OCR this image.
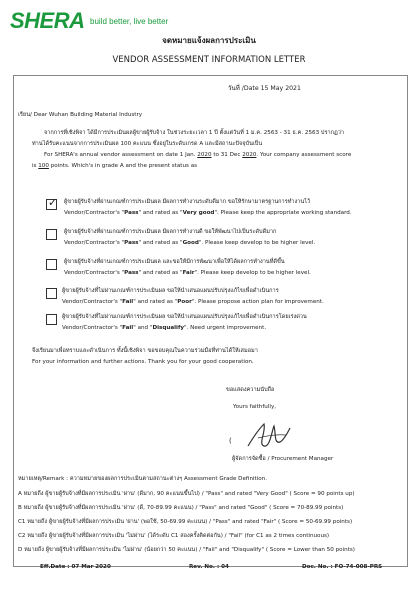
SHERA build better, live better
จดหมายแจ้งผลการประเมิน
VENDOR ASSESSMENT INFORMATION LETTER
วันที่ /Date 15 May 2021
เรียน/ Dear Wuhan Building Material Industry
จากการที่เชิงพิจา ได้มีการประเมินผลผู้ขายผู้รับจ้าง ในช่วงระยะเวลา 1 ปี ตั้งแต่วันที่ 1 ม.ค. 2563 - 31 ธ.ค. 2563 ปรากฏว่า
ท่านได้รับคะแนนจากการประเมินผล 100 คะแนน ซึ่งอยู่ในระดับเกรด A และมีสถานะปัจจุบันเป็น
For SHERA's annual vendor assessment on date 1 Jan. 2020 to 31 Dec 2020. Your company assessment score
is 100 points. Which's in grade A and the present status as
✓ ผู้ขายผู้รับจ้างที่ผ่านเกณฑ์การประเมินผล มีผลการทำงานระดับดีมาก ขอให้รักษามาตรฐานการทำงานไว้
Vendor/Contractor's "Pass" and rated as "Very good". Please keep the appropriate working standard.
ผู้ขายผู้รับจ้างที่ผ่านเกณฑ์การประเมินผล มีผลการทำงานดี ขอให้พัฒนาไปเป็นระดับดีมาก
Vendor/Contractor's "Pass" and rated as "Good". Please keep develop to be higher level.
ผู้ขายผู้รับจ้างที่ผ่านเกณฑ์การประเมินผล และขอให้มีการพัฒนาเพื่อให้ได้ผลการทำงานที่ดีขึ้น
Vendor/Contractor's "Pass" and rated as "Fair". Please keep develop to be higher level.
ผู้ขายผู้รับจ้างที่ไม่ผ่านเกณฑ์การประเมินผล ขอให้นำเสนอแผนปรับปรุงแก้ไขเพื่อดำเนินการ
Vendor/Contractor's "Fail" and rated as "Poor". Please propose action plan for improvement.
ผู้ขายผู้รับจ้างที่ไม่ผ่านเกณฑ์การประเมินผล ขอให้นำเสนอแผนปรับปรุงแก้ไขเพื่อดำเนินการโดยเร่งด่วน
Vendor/Contractor's "Fail" and "Disqualify". Need urgent improvement.
จึงเรียนมาเพื่อทราบและดำเนินการ ทั้งนี้เชิงพิจา ขอขอบคุณในความร่วมมือที่ท่านได้ให้เสมอมา
For your information and further actions. Thank you for your good cooperation.
ขอแสดงความนับถือ
Yours faithfully,
(
ผู้จัดการจัดซื้อ / Procurement Manager
หมายเหตุ/Remark : ความหมายของผลการประเมินตามสถานะต่างๆ Assessment Grade Definition.
A หมายถึง ผู้ขายผู้รับจ้างที่มีผลการประเมิน 'ผ่าน' (ดีมาก, 90 คะแนนขึ้นไป) / "Pass" and rated "Very Good" ( Score = 90 points up)
B หมายถึง ผู้ขายผู้รับจ้างที่มีผลการประเมิน 'ผ่าน' (ดี, 70-89.99 คะแนน) / "Pass" and rated "Good" ( Score = 70-89.99 points)
C1 หมายถึง ผู้ขายผู้รับจ้างที่มีผลการประเมิน 'ผ่าน' (พอใช้, 50-69.99 คะแนน) / "Pass" and rated "Fair" ( Score = 50-69.99 points)
C2 หมายถึง ผู้ขายผู้รับจ้างที่มีผลการประเมิน 'ไม่ผ่าน' (ได้ระดับ C1 สองครั้งติดต่อกัน) / "Fail" (for C1 as 2 times continuous)
D หมายถึง ผู้ขายผู้รับจ้างที่มีผลการประเมิน 'ไม่ผ่าน' (น้อยกว่า 50 คะแนน) / "Fail" and "Disqualify" ( Score = Lower than 50 points)
Eff.Date : 07 Mar 2020	Rev. No. : 04	Doc. No. : FO-74-008-PRS
